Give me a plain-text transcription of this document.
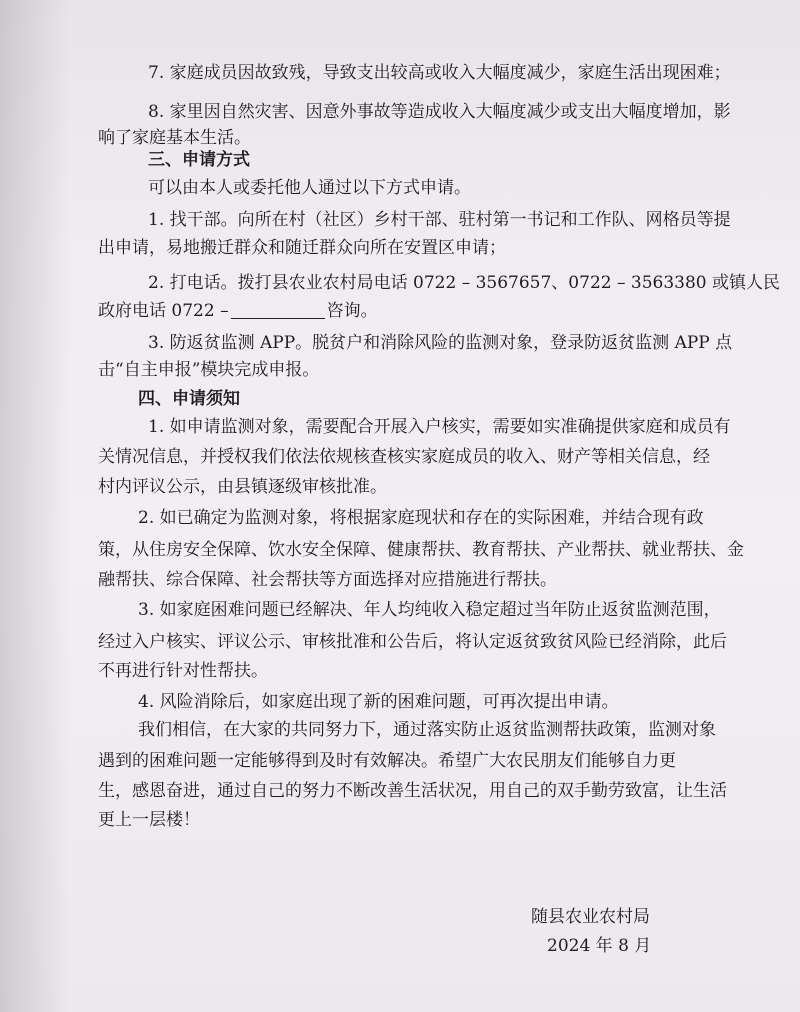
7. 家庭成员因故致残，导致支出较高或收入大幅度减少，家庭生活出现困难；
8. 家里因自然灾害、因意外事故等造成收入大幅度减少或支出大幅度增加，影
响了家庭基本生活。
三、申请方式
可以由本人或委托他人通过以下方式申请。
1. 找干部。向所在村（社区）乡村干部、驻村第一书记和工作队、网格员等提
出申请，易地搬迁群众和随迁群众向所在安置区申请；
2. 打电话。拨打县农业农村局电话 0722 – 3567657、0722 – 3563380 或镇人民
政府电话 0722 –	咨询。
3. 防返贫监测 APP。脱贫户和消除风险的监测对象，登录防返贫监测 APP 点
击“自主申报”模块完成申报。
四、申请须知
1. 如申请监测对象，需要配合开展入户核实，需要如实准确提供家庭和成员有
关情况信息，并授权我们依法依规核查核实家庭成员的收入、财产等相关信息，经
村内评议公示，由县镇逐级审核批准。
2. 如已确定为监测对象，将根据家庭现状和存在的实际困难，并结合现有政
策，从住房安全保障、饮水安全保障、健康帮扶、教育帮扶、产业帮扶、就业帮扶、金
融帮扶、综合保障、社会帮扶等方面选择对应措施进行帮扶。
3. 如家庭困难问题已经解决、年人均纯收入稳定超过当年防止返贫监测范围，
经过入户核实、评议公示、审核批准和公告后，将认定返贫致贫风险已经消除，此后
不再进行针对性帮扶。
4. 风险消除后，如家庭出现了新的困难问题，可再次提出申请。
我们相信，在大家的共同努力下，通过落实防止返贫监测帮扶政策，监测对象
遇到的困难问题一定能够得到及时有效解决。希望广大农民朋友们能够自力更
生，感恩奋进，通过自己的努力不断改善生活状况，用自己的双手勤劳致富，让生活
更上一层楼！
随县农业农村局
2024 年 8 月
